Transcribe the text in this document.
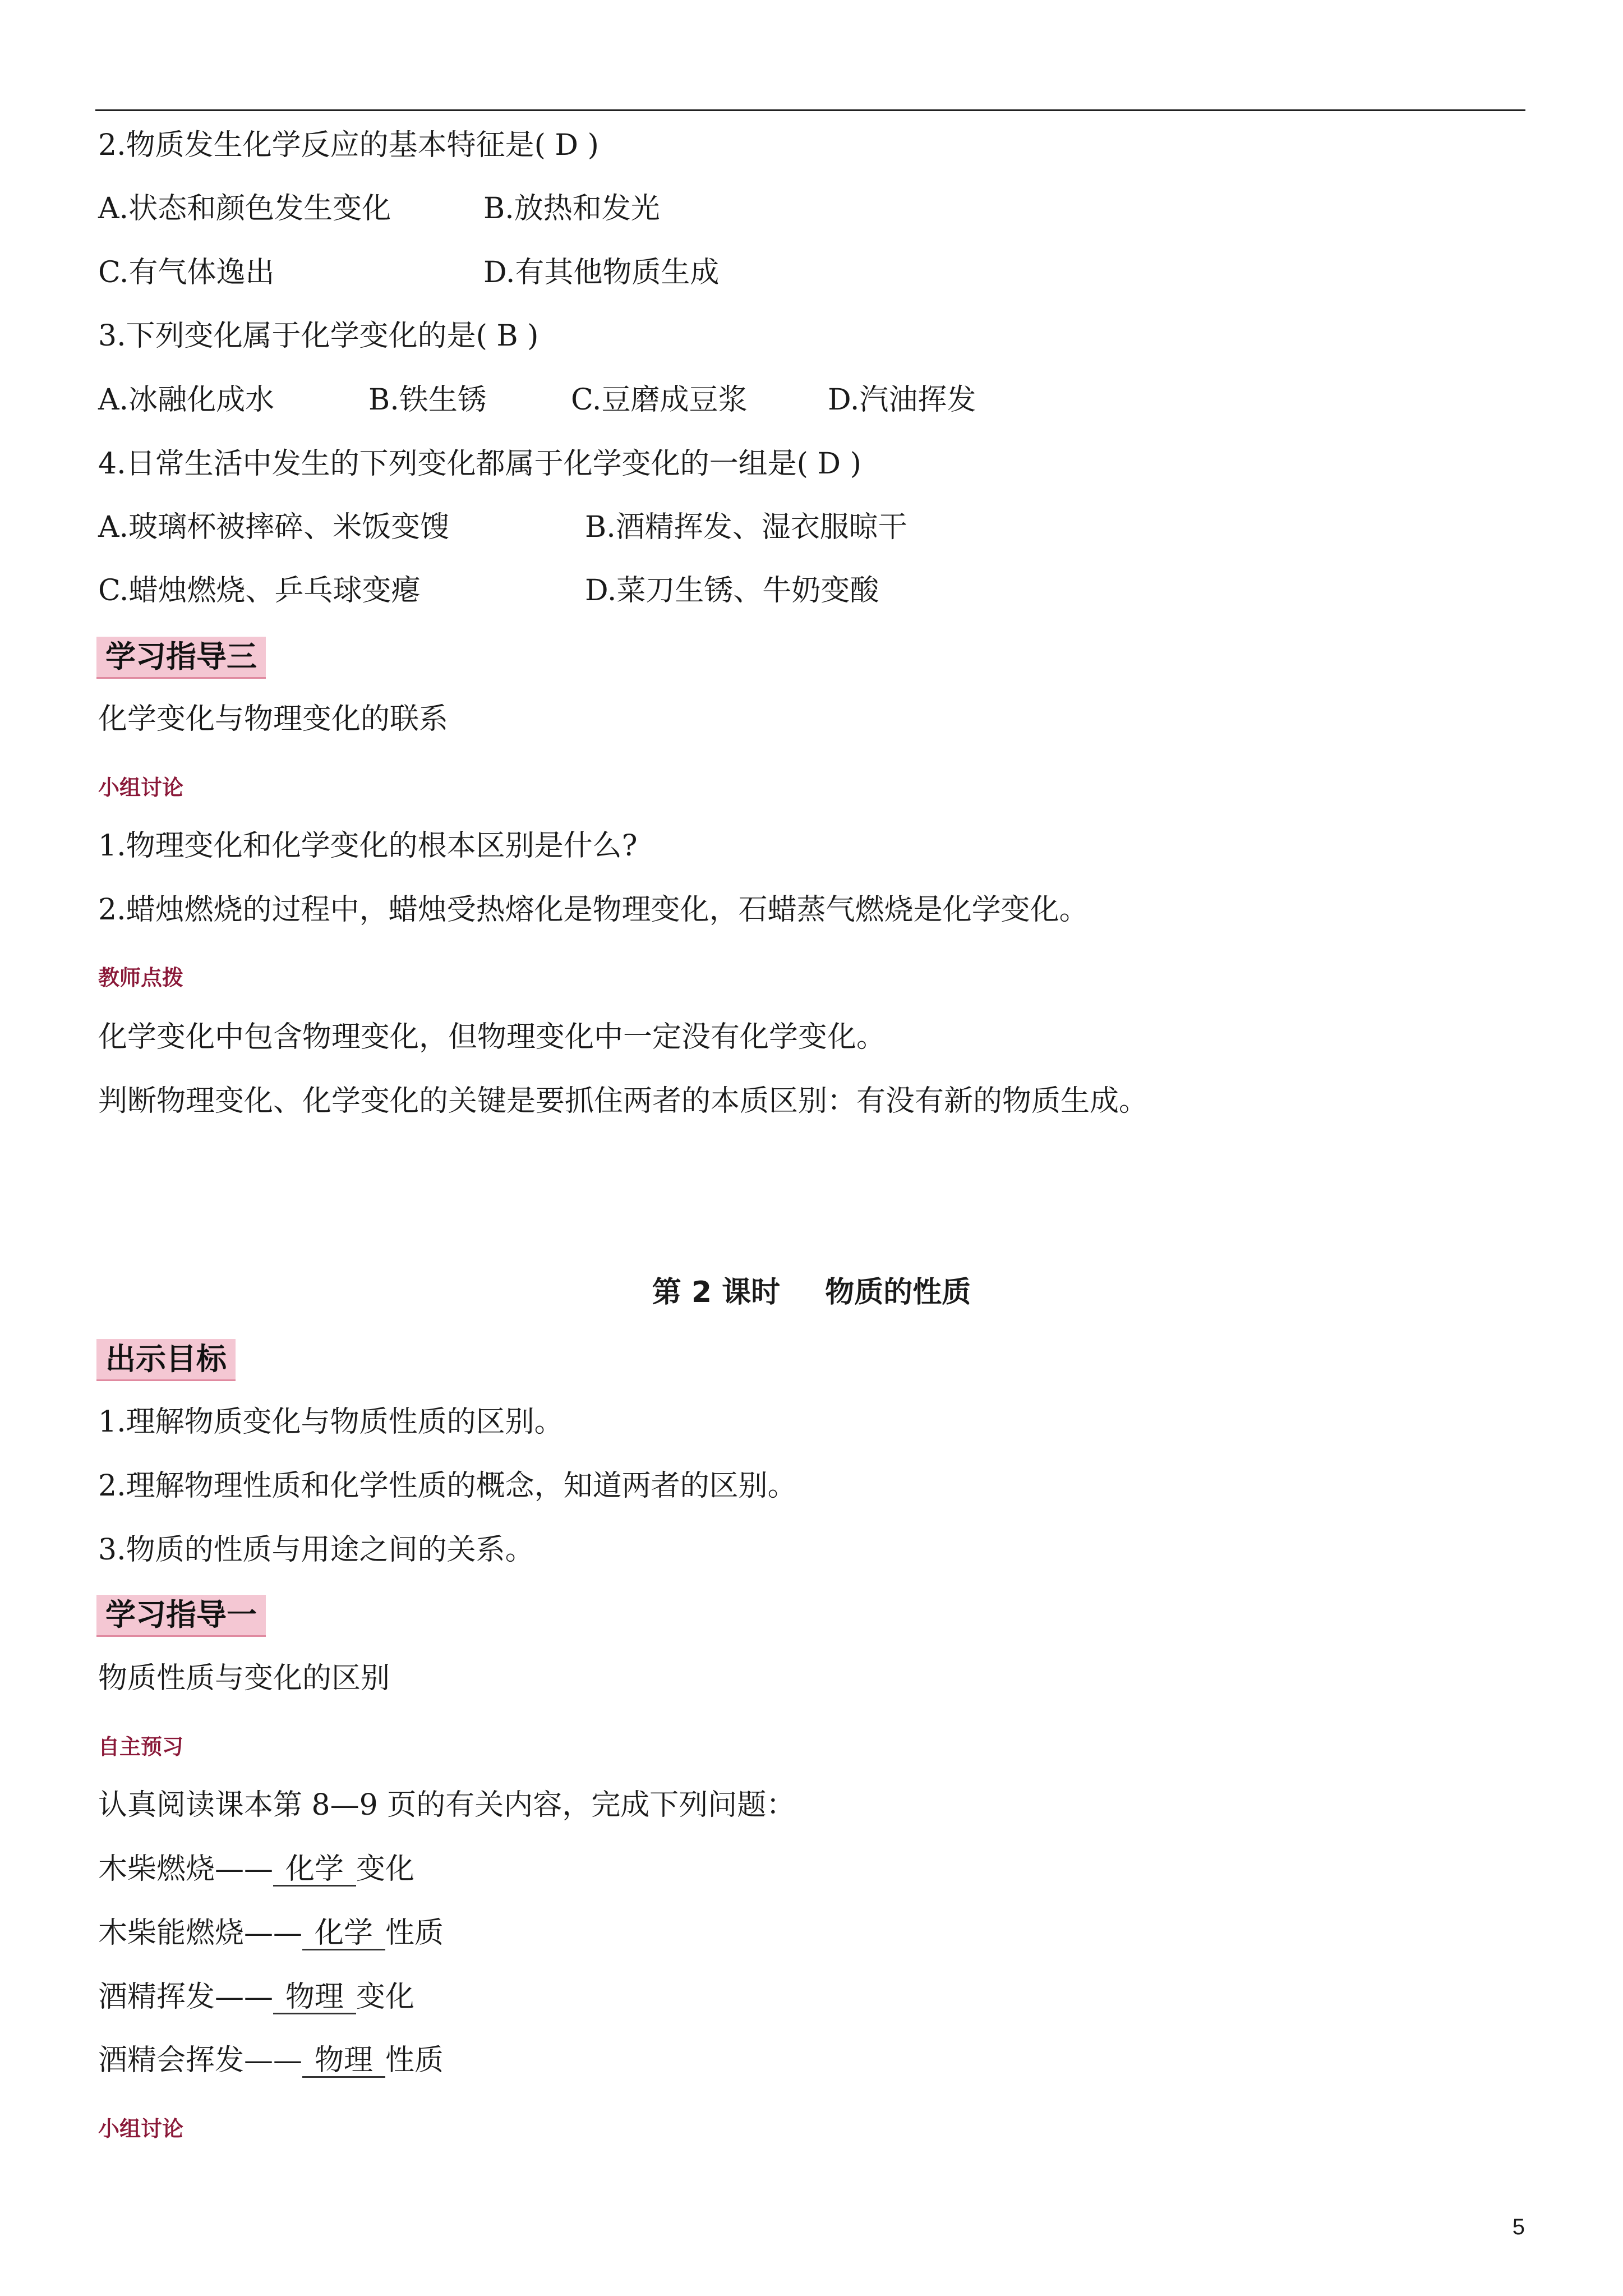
2.物质发生化学反应的基本特征是( D )
A.状态和颜色发生变化	B.放热和发光
C.有气体逸出	D.有其他物质生成
3.下列变化属于化学变化的是( B )
A.冰融化成水	B.铁生锈	C.豆磨成豆浆	D.汽油挥发
4.日常生活中发生的下列变化都属于化学变化的一组是( D )
A.玻璃杯被摔碎、米饭变馊	B.酒精挥发、湿衣服晾干
C.蜡烛燃烧、乒乓球变瘪	D.菜刀生锈、牛奶变酸
学习指导三
化学变化与物理变化的联系
小组讨论
1.物理变化和化学变化的根本区别是什么?
2.蜡烛燃烧的过程中，蜡烛受热熔化是物理变化，石蜡蒸气燃烧是化学变化。
教师点拨
化学变化中包含物理变化，但物理变化中一定没有化学变化。
判断物理变化、化学变化的关键是要抓住两者的本质区别：有没有新的物质生成。
第 2 课时 物质的性质
出示目标
1.理解物质变化与物质性质的区别。
2.理解物理性质和化学性质的概念，知道两者的区别。
3.物质的性质与用途之间的关系。
学习指导一
物质性质与变化的区别
自主预习
认真阅读课本第 8—9 页的有关内容，完成下列问题：
木柴燃烧—— 化学 变化
木柴能燃烧—— 化学 性质
酒精挥发—— 物理 变化
酒精会挥发—— 物理 性质
小组讨论
5
